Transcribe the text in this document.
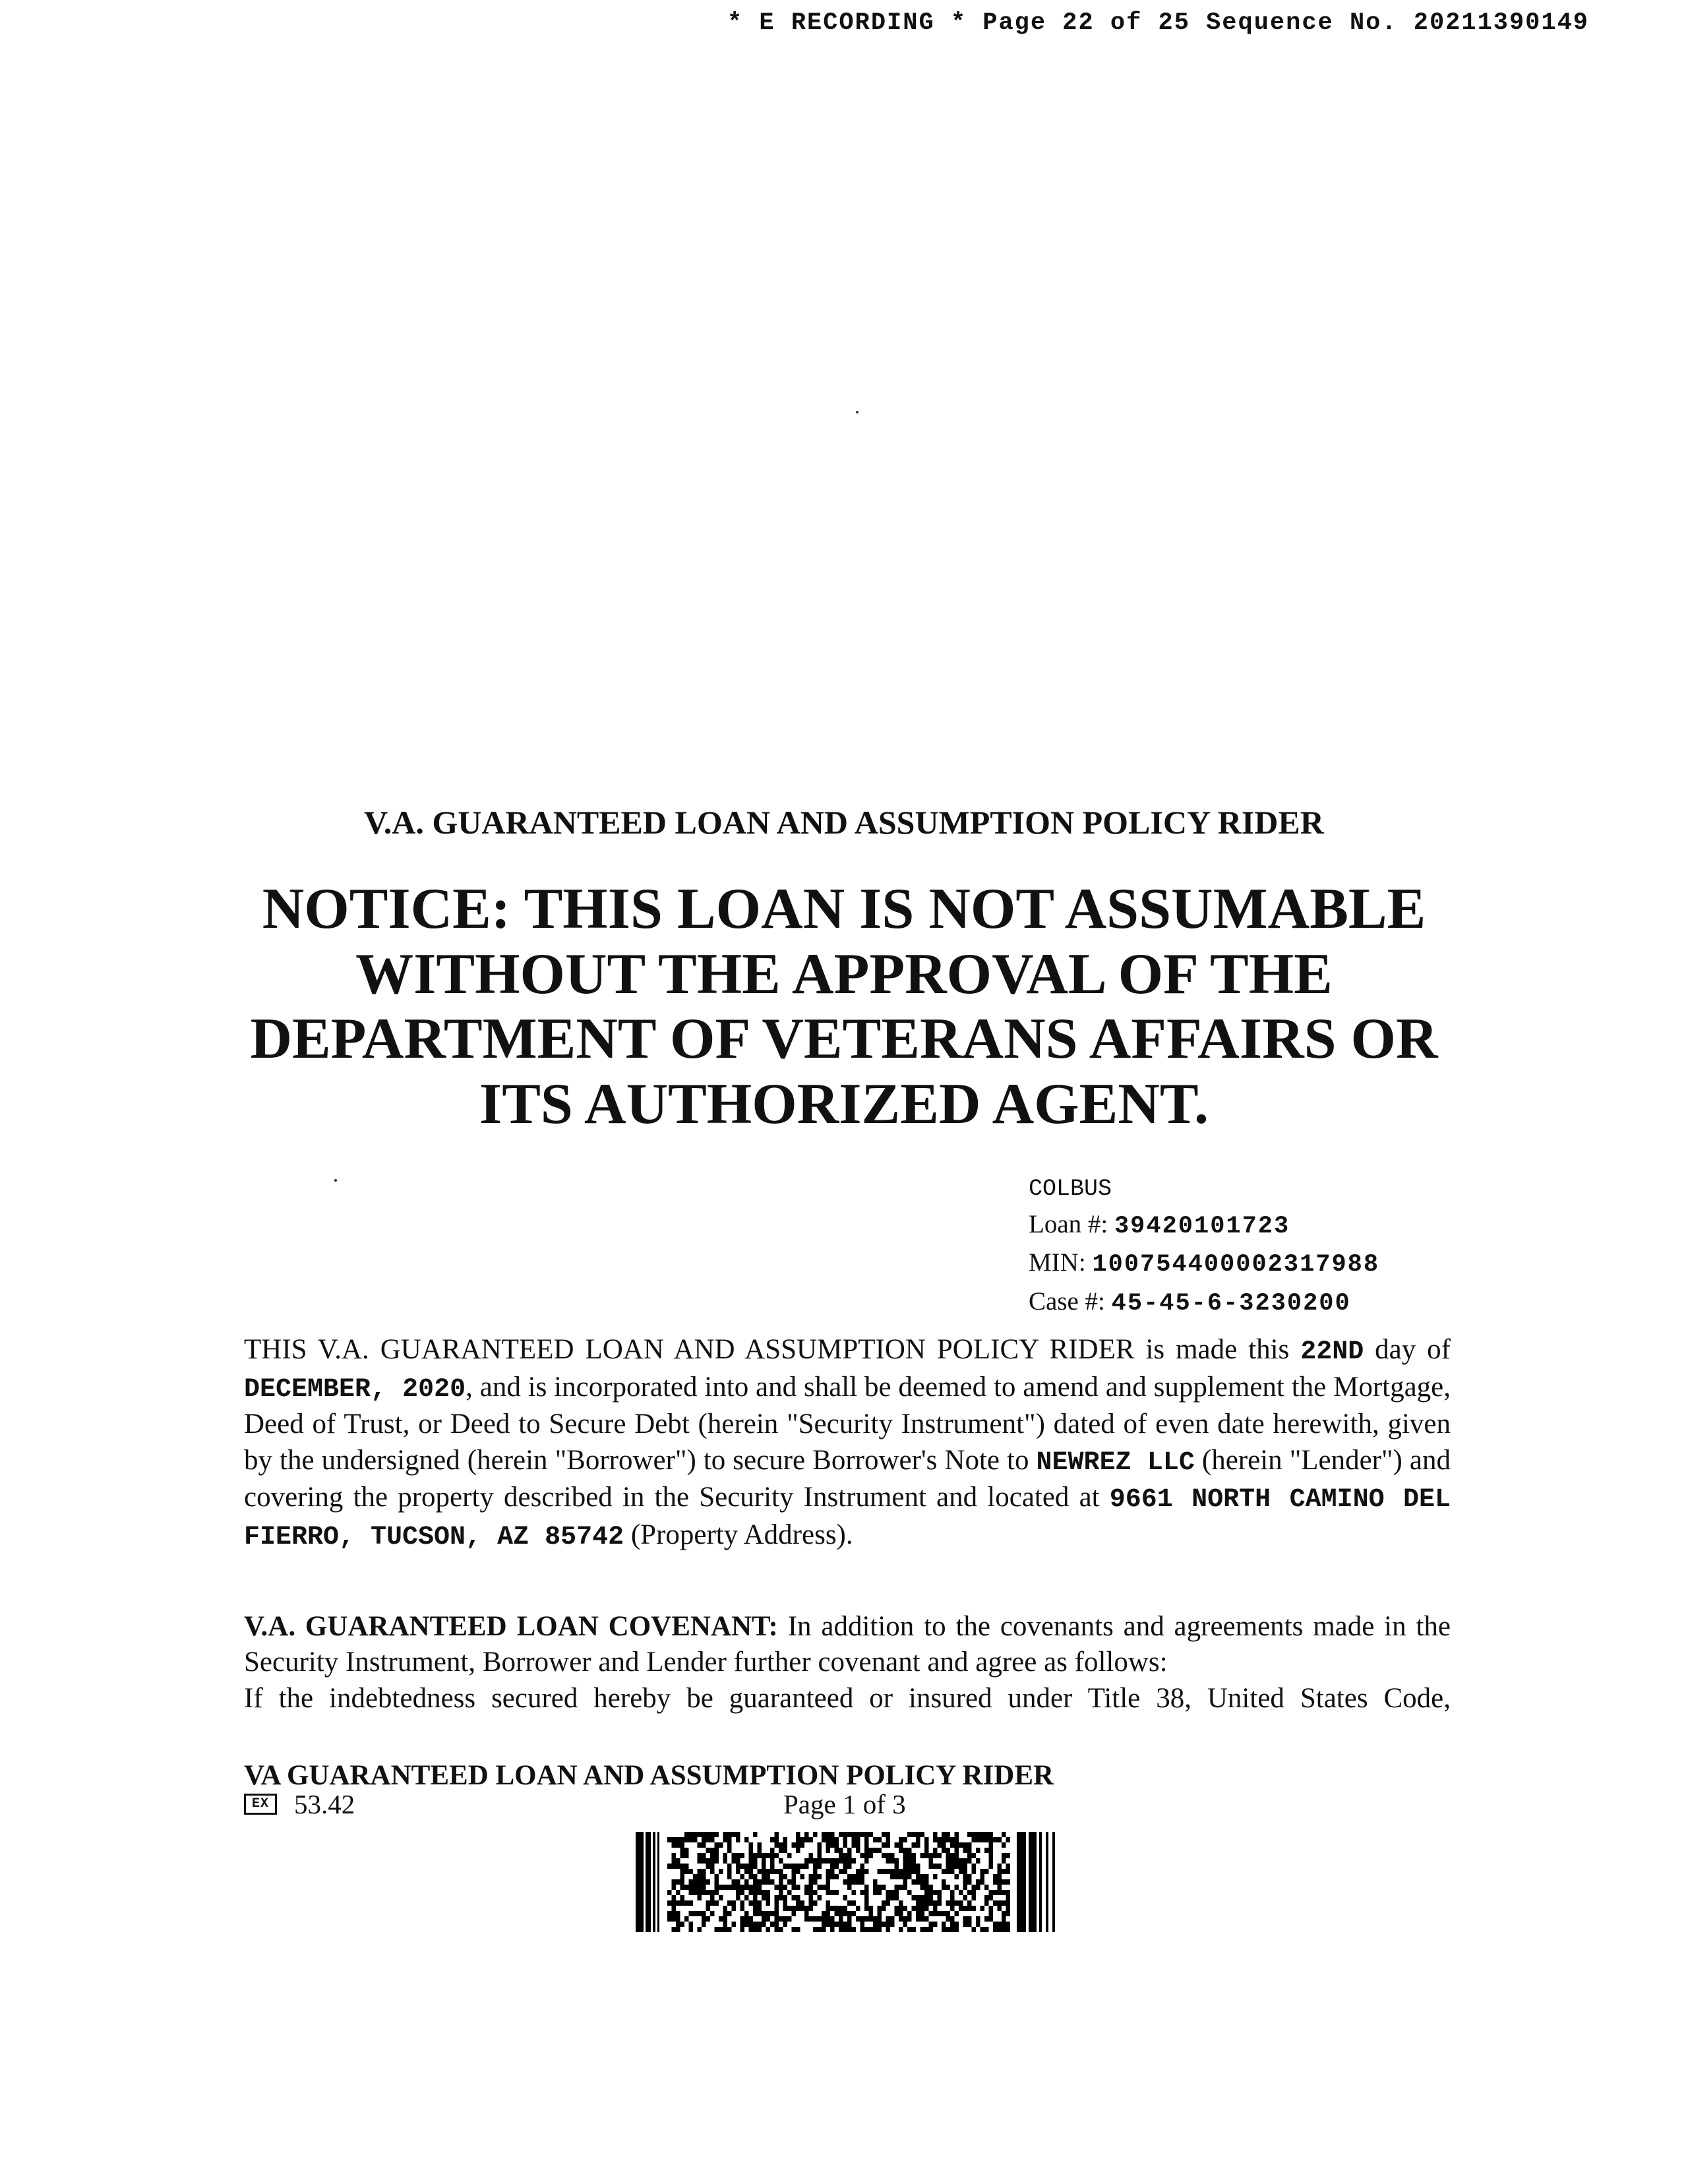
* E RECORDING * Page 22 of 25 Sequence No. 20211390149
V.A. GUARANTEED LOAN AND ASSUMPTION POLICY RIDER
NOTICE: THIS LOAN IS NOT ASSUMABLE WITHOUT THE APPROVAL OF THE DEPARTMENT OF VETERANS AFFAIRS OR ITS AUTHORIZED AGENT.
COLBUS
Loan #: 39420101723
MIN: 100754400002317988
Case #: 45-45-6-3230200
THIS V.A. GUARANTEED LOAN AND ASSUMPTION POLICY RIDER is made this 22ND day of DECEMBER, 2020, and is incorporated into and shall be deemed to amend and supplement the Mortgage, Deed of Trust, or Deed to Secure Debt (herein "Security Instrument") dated of even date herewith, given by the undersigned (herein "Borrower") to secure Borrower's Note to NEWREZ LLC (herein "Lender") and covering the property described in the Security Instrument and located at 9661 NORTH CAMINO DEL FIERRO, TUCSON, AZ 85742 (Property Address).
V.A. GUARANTEED LOAN COVENANT: In addition to the covenants and agreements made in the Security Instrument, Borrower and Lender further covenant and agree as follows:
If the indebtedness secured hereby be guaranteed or insured under Title 38, United States Code,
VA GUARANTEED LOAN AND ASSUMPTION POLICY RIDER
EX 53.42	Page 1 of 3
